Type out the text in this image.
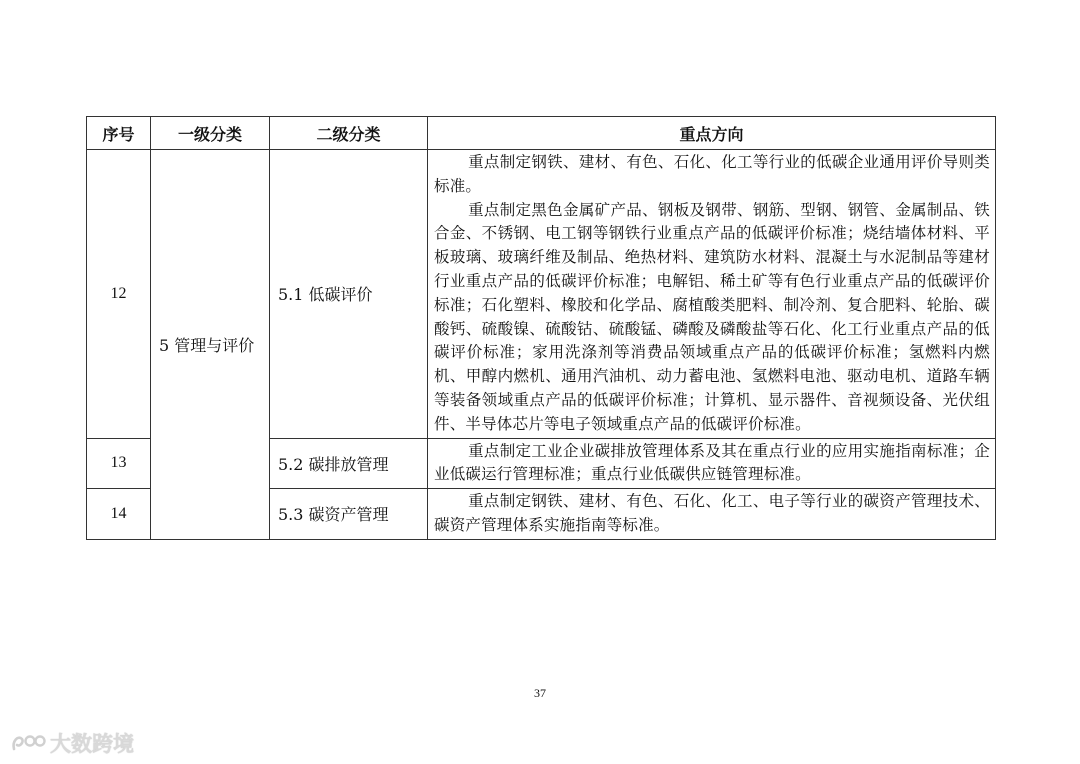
序号	一级分类	二级分类	重点方向
12	5 管理与评价	5.1 低碳评价	重点制定钢铁、建材、有色、石化、化工等行业的低碳企业通用评价导则类标准。

重点制定黑色金属矿产品、钢板及钢带、钢筋、型钢、钢管、金属制品、铁合金、不锈钢、电工钢等钢铁行业重点产品的低碳评价标准；烧结墙体材料、平板玻璃、玻璃纤维及制品、绝热材料、建筑防水材料、混凝土与水泥制品等建材行业重点产品的低碳评价标准；电解铝、稀土矿等有色行业重点产品的低碳评价标准；石化塑料、橡胶和化学品、腐植酸类肥料、制冷剂、复合肥料、轮胎、碳酸钙、硫酸镍、硫酸钴、硫酸锰、磷酸及磷酸盐等石化、化工行业重点产品的低碳评价标准；家用洗涤剂等消费品领域重点产品的低碳评价标准；氢燃料内燃机、甲醇内燃机、通用汽油机、动力蓄电池、氢燃料电池、驱动电机、道路车辆等装备领域重点产品的低碳评价标准；计算机、显示器件、音视频设备、光伏组件、半导体芯片等电子领域重点产品的低碳评价标准。

13		5.2 碳排放管理	重点制定工业企业碳排放管理体系及其在重点行业的应用实施指南标准；企业低碳运行管理标准；重点行业低碳供应链管理标准。

14		5.3 碳资产管理	重点制定钢铁、建材、有色、石化、化工、电子等行业的碳资产管理技术、碳资产管理体系实施指南等标准。

37
大数跨境
